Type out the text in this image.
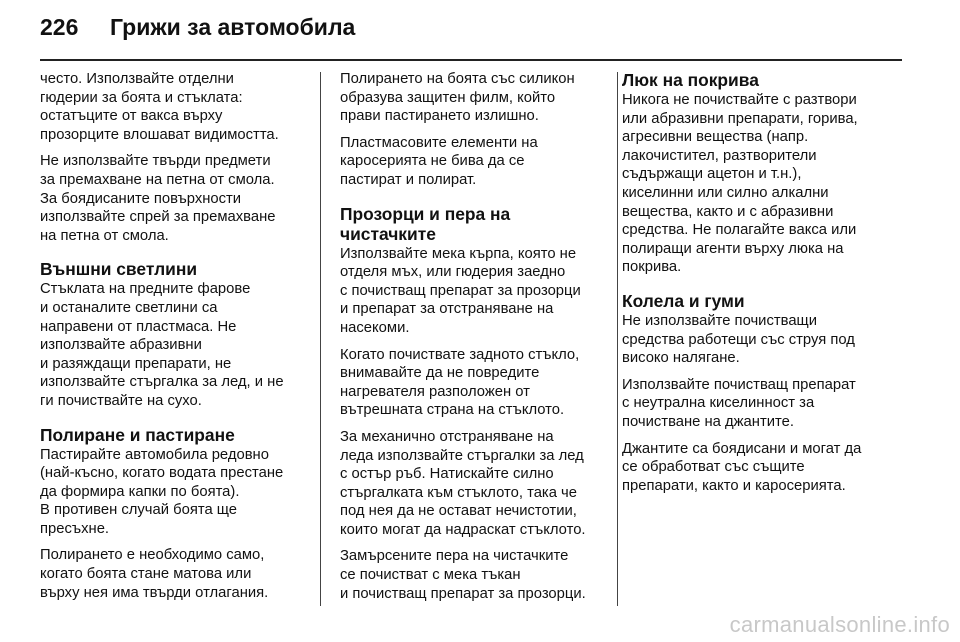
226	Грижи за автомобила
често. Използвайте отделни
гюдерии за боята и стъклата:
остатъците от вакса върху
прозорците влошават видимостта.
Не използвайте твърди предмети
за премахване на петна от смола.
За боядисаните повърхности
използвайте спрей за премахване
на петна от смола.
Външни светлини
Стъклата на предните фарове
и останалите светлини са
направени от пластмаса. Не
използвайте абразивни
и разяждащи препарати, не
използвайте стъргалка за лед, и не
ги почиствайте на сухо.
Полиране и пастиране
Пастирайте автомобила редовно
(най-късно, когато водата престане
да формира капки по боята).
В противен случай боята ще
пресъхне.
Полирането е необходимо само,
когато боята стане матова или
върху нея има твърди отлагания.
Полирането на боята със силикон
образува защитен филм, който
прави пастирането излишно.
Пластмасовите елементи на
каросерията не бива да се
пастират и полират.
Прозорци и пера на
чистачките
Използвайте мека кърпа, която не
отделя мъх, или гюдерия заедно
с почистващ препарат за прозорци
и препарат за отстраняване на
насекоми.
Когато почиствате задното стъкло,
внимавайте да не повредите
нагревателя разположен от
вътрешната страна на стъклото.
За механично отстраняване на
леда използвайте стъргалки за лед
с остър ръб. Натискайте силно
стъргалката към стъклото, така че
под нея да не остават нечистотии,
които могат да надраскат стъклото.
Замърсените пера на чистачките
се почистват с мека тъкан
и почистващ препарат за прозорци.
Люк на покрива
Никога не почиствайте с разтвори
или абразивни препарати, горива,
агресивни вещества (напр.
лакочистител, разтворители
съдържащи ацетон и т.н.),
киселинни или силно алкални
вещества, както и с абразивни
средства. Не полагайте вакса или
полиращи агенти върху люка на
покрива.
Колела и гуми
Не използвайте почистващи
средства работещи със струя под
високо налягане.
Използвайте почистващ препарат
с неутрална киселинност за
почистване на джантите.
Джантите са боядисани и могат да
се обработват със същите
препарати, както и каросерията.
carmanualsonline.info
